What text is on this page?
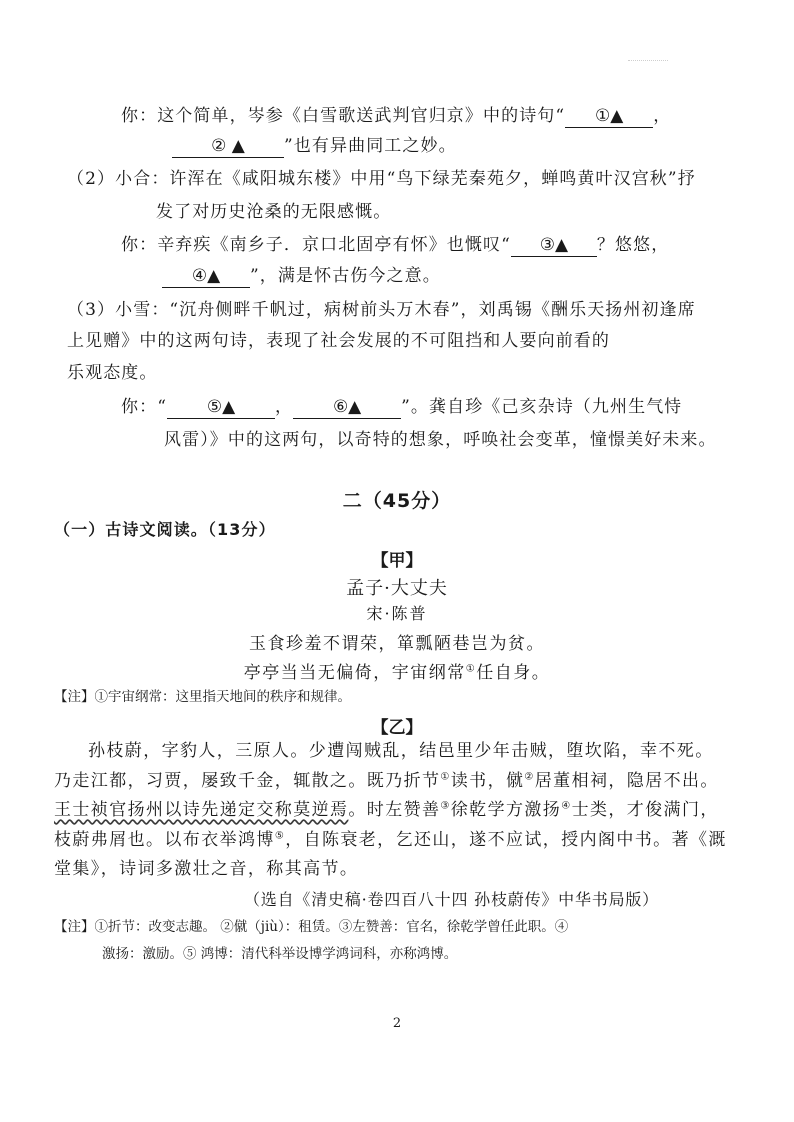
你：这个简单，岑参《白雪歌送武判官归京》中的诗句“ ①▲ ，
② ▲ ”也有异曲同工之妙。
（2）小合：许浑在《咸阳城东楼》中用“鸟下绿芜秦苑夕，蝉鸣黄叶汉宫秋”抒
发了对历史沧桑的无限感慨。
你：辛弃疾《南乡子．京口北固亭有怀》也慨叹“ ③▲ ？悠悠，
④▲ ”，满是怀古伤今之意。
（3）小雪：“沉舟侧畔千帆过，病树前头万木春”，刘禹锡《酬乐天扬州初逢席
上见赠》中的这两句诗，表现了社会发展的不可阻挡和人要向前看的
乐观态度。
你：“ ⑤▲ ， ⑥▲ ”。龚自珍《己亥杂诗（九州生气恃
风雷）》中的这两句，以奇特的想象，呼唤社会变革，憧憬美好未来。
二（45分）
（一）古诗文阅读。（13分）
【甲】
孟子·大丈夫
宋·陈普
玉食珍羞不谓荣，箪瓢陋巷岂为贫。
亭亭当当无偏倚，宇宙纲常①任自身。
【注】①宇宙纲常：这里指天地间的秩序和规律。
【乙】
孙枝蔚，字豹人，三原人。少遭闯贼乱，结邑里少年击贼，堕坎陷，幸不死。
乃走江都，习贾，屡致千金，辄散之。既乃折节①读书，僦②居董相祠，隐居不出。
王士祯官扬州以诗先递定交称莫逆焉。时左赞善③徐乾学方激扬④士类，才俊满门，
枝蔚弗屑也。以布衣举鸿博⑤，自陈衰老，乞还山，遂不应试，授内阁中书。著《溉
堂集》，诗词多激壮之音，称其高节。
（选自《清史稿·卷四百八十四 孙枝蔚传》中华书局版）
【注】①折节：改变志趣。 ②僦（jiù）：租赁。③左赞善：官名，徐乾学曾任此职。④
激扬：激励。⑤ 鸿博：清代科举设博学鸿词科，亦称鸿博。
2
